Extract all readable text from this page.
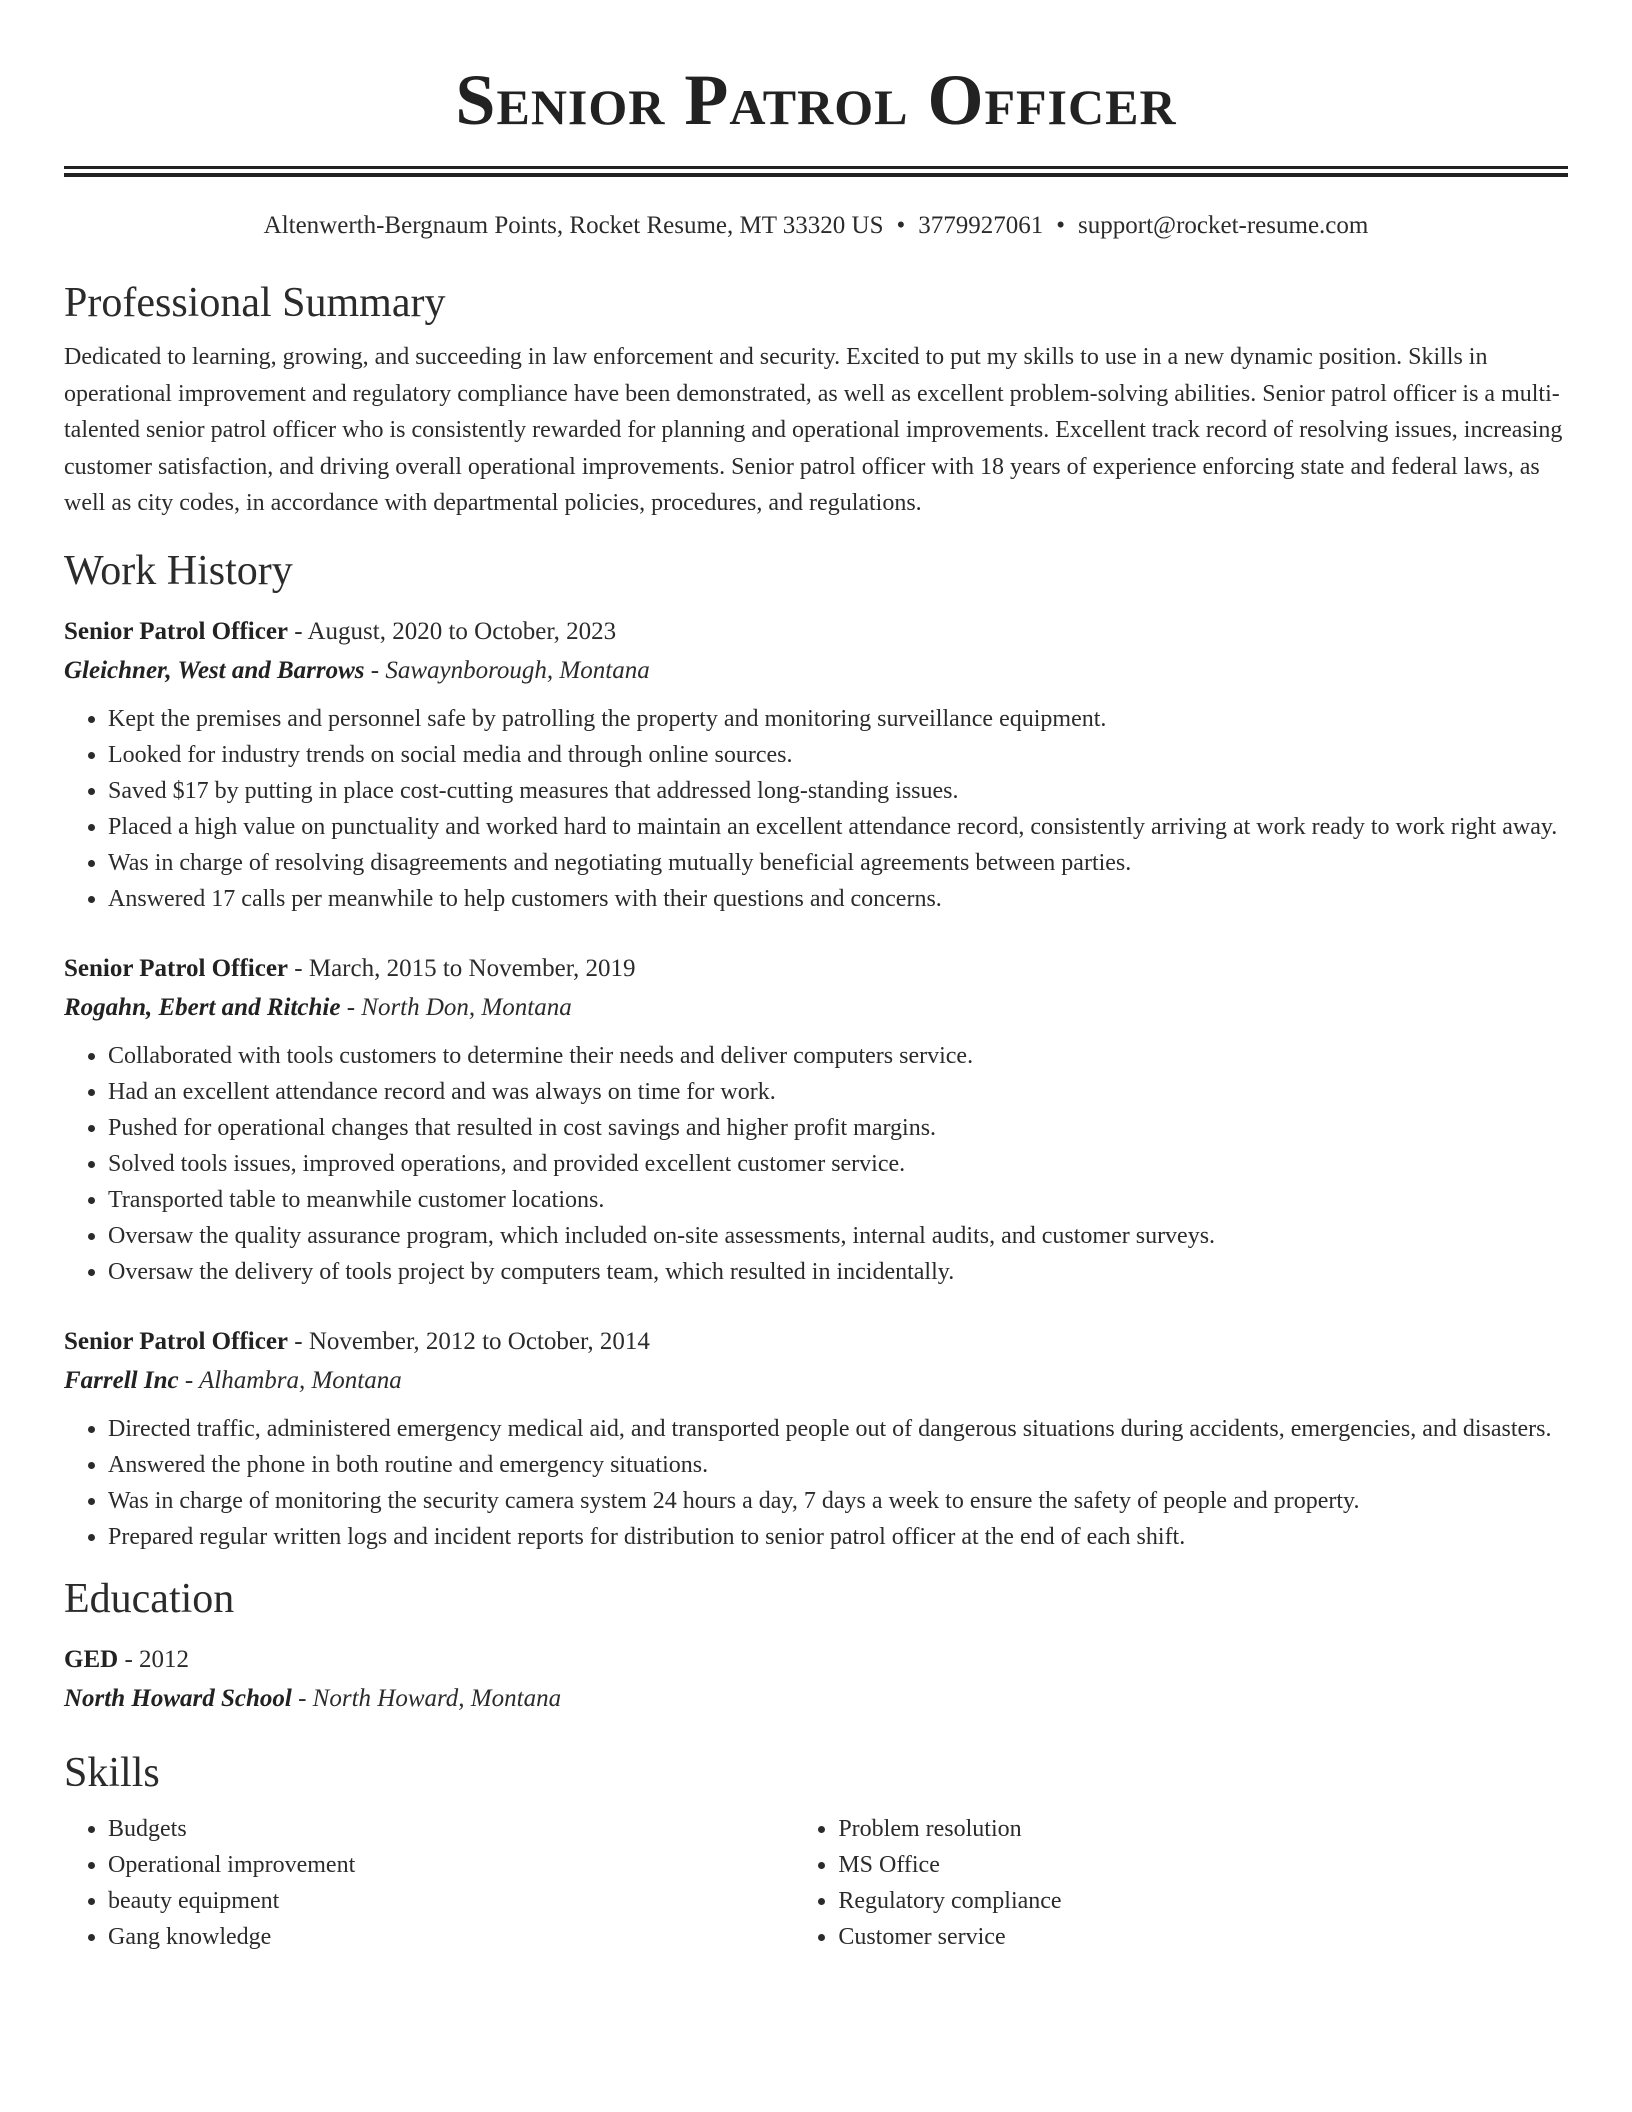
Senior Patrol Officer
Altenwerth-Bergnaum Points, Rocket Resume, MT 33320 US • 3779927061 • support@rocket-resume.com
Professional Summary

Dedicated to learning, growing, and succeeding in law enforcement and security. Excited to put my skills to use in a new dynamic position. Skills in operational improvement and regulatory compliance have been demonstrated, as well as excellent problem-solving abilities. Senior patrol officer is a multi-talented senior patrol officer who is consistently rewarded for planning and operational improvements. Excellent track record of resolving issues, increasing customer satisfaction, and driving overall operational improvements. Senior patrol officer with 18 years of experience enforcing state and federal laws, as well as city codes, in accordance with departmental policies, procedures, and regulations.

Work History
Senior Patrol Officer - August, 2020 to October, 2023
Gleichner, West and Barrows - Sawaynborough, Montana
• Kept the premises and personnel safe by patrolling the property and monitoring surveillance equipment.
• Looked for industry trends on social media and through online sources.
• Saved $17 by putting in place cost-cutting measures that addressed long-standing issues.
• Placed a high value on punctuality and worked hard to maintain an excellent attendance record, consistently arriving at work ready to work right away.
• Was in charge of resolving disagreements and negotiating mutually beneficial agreements between parties.
• Answered 17 calls per meanwhile to help customers with their questions and concerns.
Senior Patrol Officer - March, 2015 to November, 2019
Rogahn, Ebert and Ritchie - North Don, Montana
• Collaborated with tools customers to determine their needs and deliver computers service.
• Had an excellent attendance record and was always on time for work.
• Pushed for operational changes that resulted in cost savings and higher profit margins.
• Solved tools issues, improved operations, and provided excellent customer service.
• Transported table to meanwhile customer locations.
• Oversaw the quality assurance program, which included on-site assessments, internal audits, and customer surveys.
• Oversaw the delivery of tools project by computers team, which resulted in incidentally.
Senior Patrol Officer - November, 2012 to October, 2014
Farrell Inc - Alhambra, Montana
• Directed traffic, administered emergency medical aid, and transported people out of dangerous situations during accidents, emergencies, and disasters.
• Answered the phone in both routine and emergency situations.
• Was in charge of monitoring the security camera system 24 hours a day, 7 days a week to ensure the safety of people and property.
• Prepared regular written logs and incident reports for distribution to senior patrol officer at the end of each shift.
Education
GED - 2012
North Howard School - North Howard, Montana
Skills
• Budgets
• Operational improvement
• beauty equipment
• Gang knowledge
• Problem resolution
• MS Office
• Regulatory compliance
• Customer service
